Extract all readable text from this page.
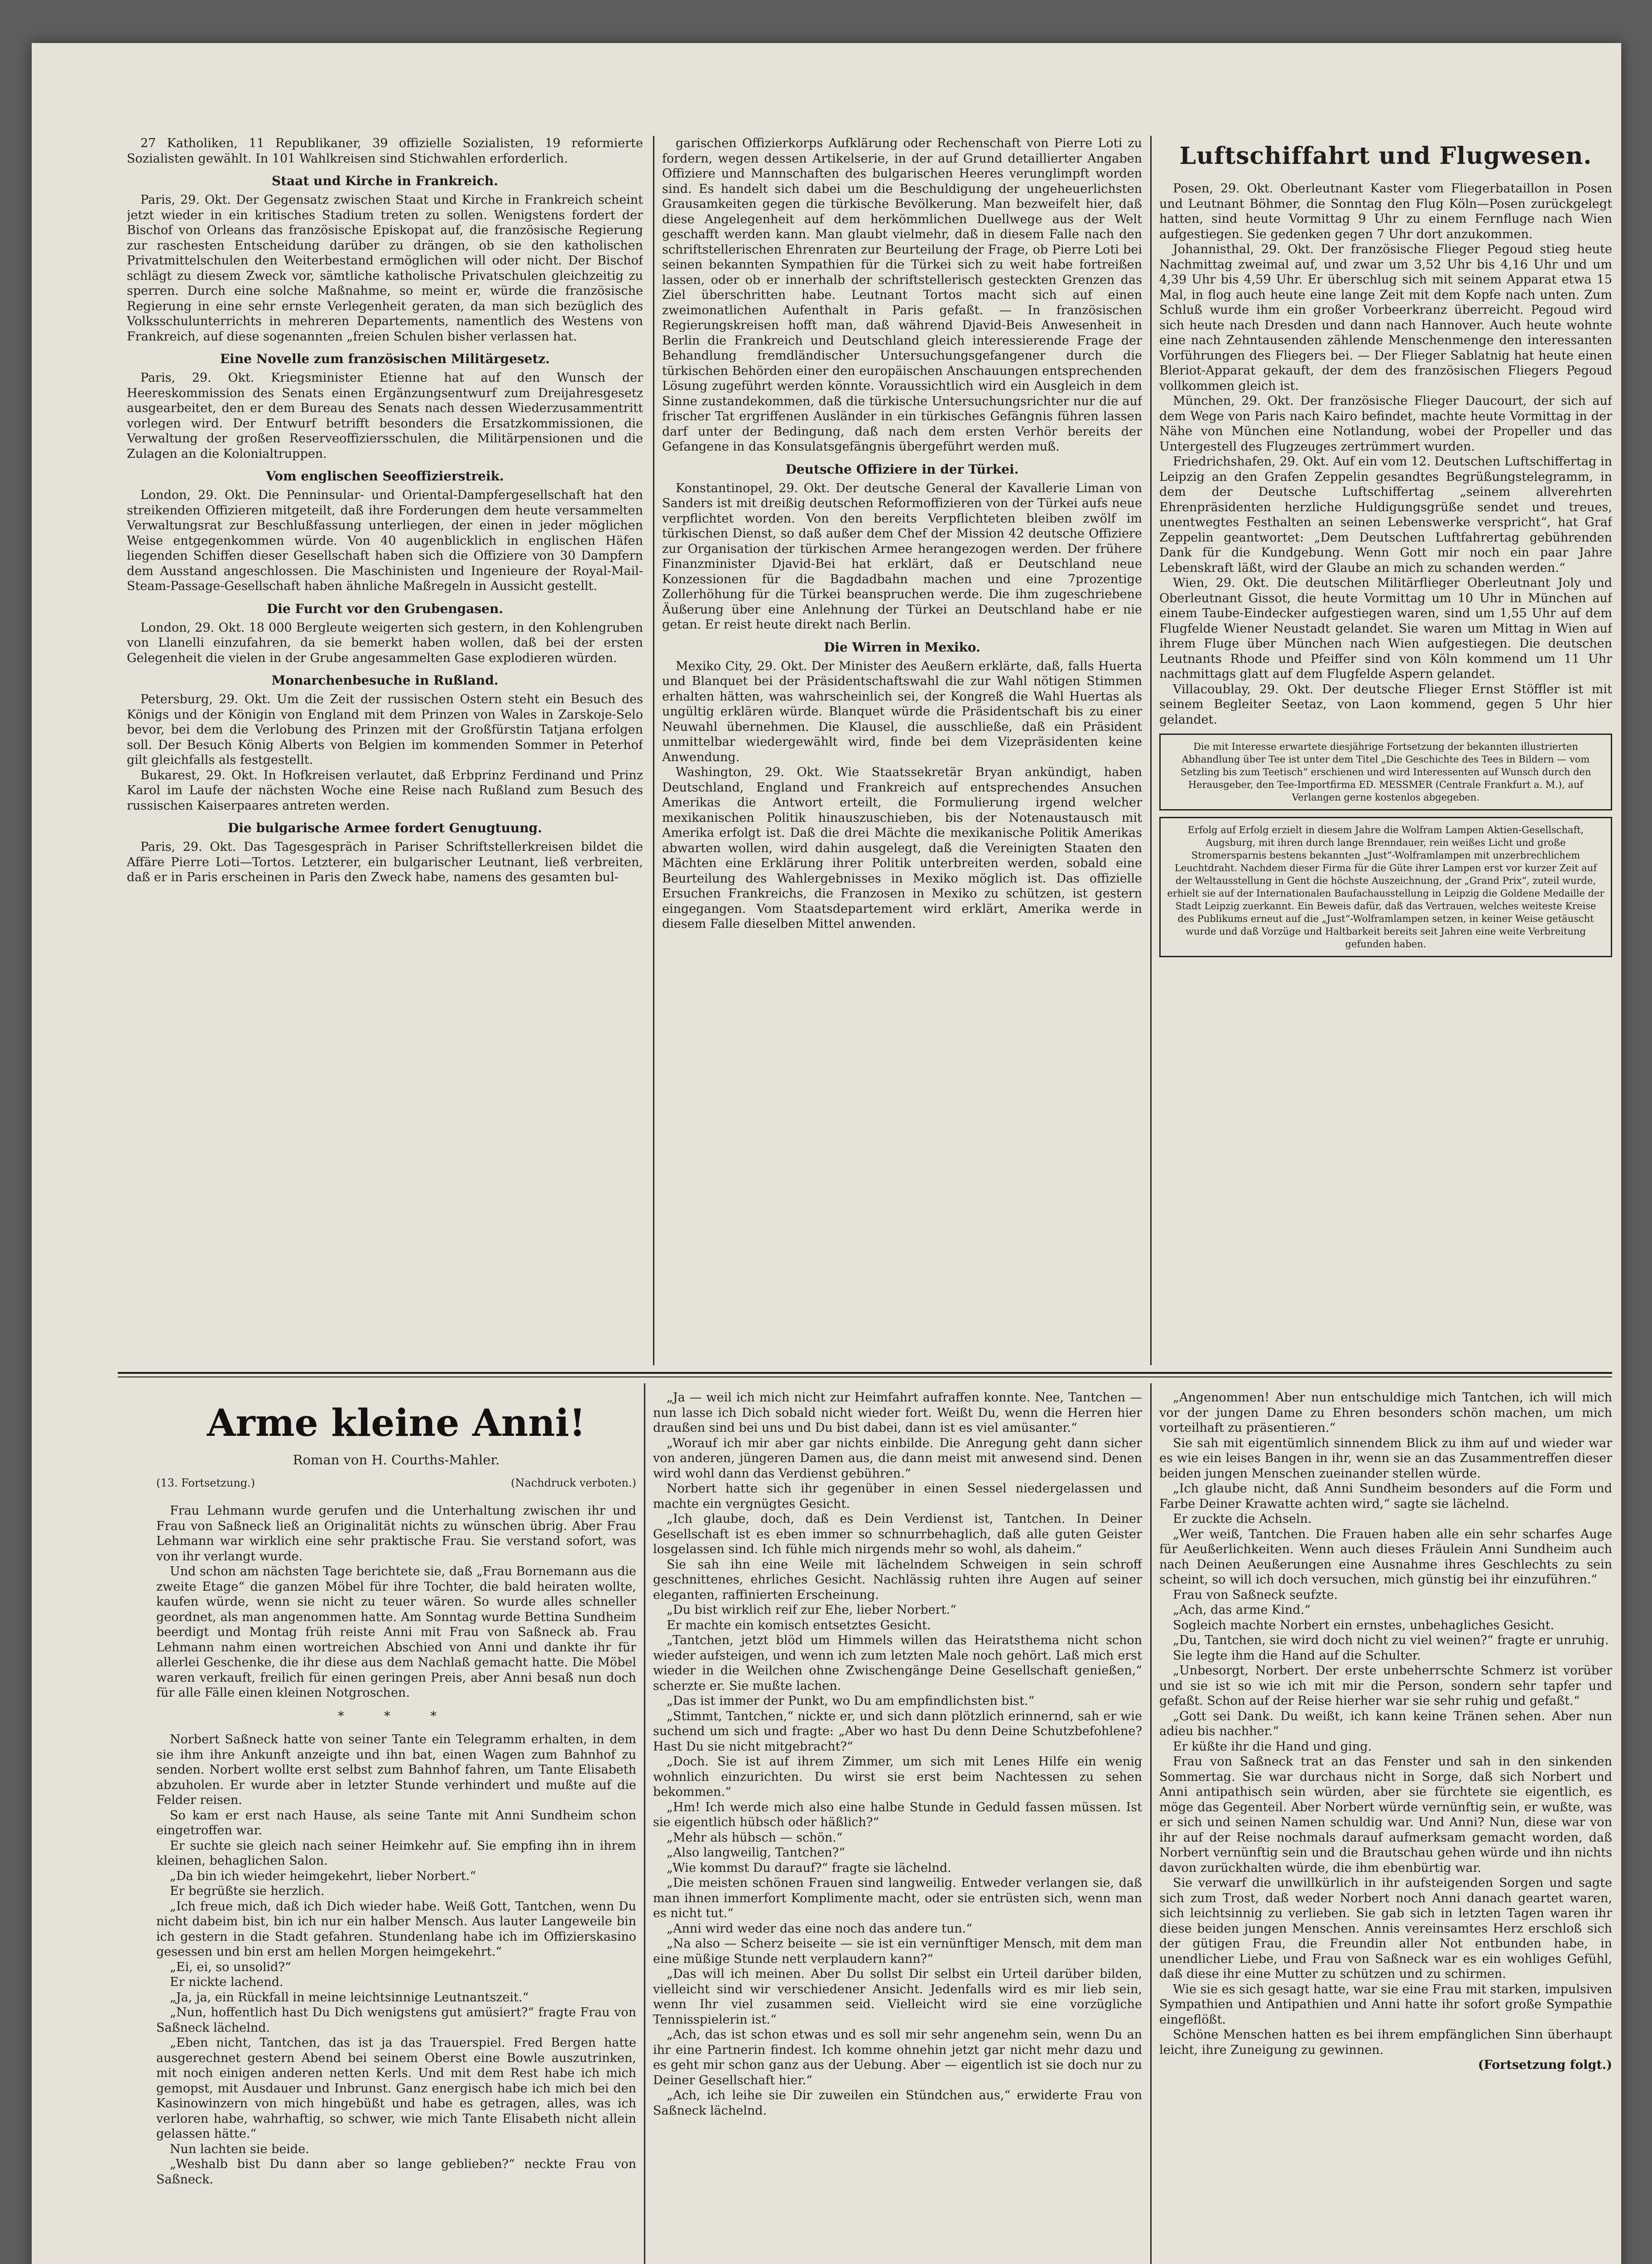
27 Katholiken, 11 Republikaner, 39 offizielle Sozialisten, 19 reformierte Sozialisten gewählt. In 101 Wahlkreisen sind Stichwahlen erforderlich.

Staat und Kirche in Frankreich.

Paris, 29. Okt. Der Gegensatz zwischen Staat und Kirche in Frankreich scheint jetzt wieder in ein kritisches Stadium treten zu sollen. Wenigstens fordert der Bischof von Orleans das französische Episkopat auf, die französische Regierung zur raschesten Entscheidung darüber zu drängen, ob sie den katholischen Privatmittelschulen den Weiterbestand ermöglichen will oder nicht. Der Bischof schlägt zu diesem Zweck vor, sämtliche katholische Privatschulen gleichzeitig zu sperren. Durch eine solche Maßnahme, so meint er, würde die französische Regierung in eine sehr ernste Verlegenheit geraten, da man sich bezüglich des Volksschulunterrichts in mehreren Departements, namentlich des Westens von Frankreich, auf diese sogenannten „freien Schulen bisher verlassen hat.

Eine Novelle zum französischen Militärgesetz.

Paris, 29. Okt. Kriegsminister Etienne hat auf den Wunsch der Heereskommission des Senats einen Ergänzungsentwurf zum Dreijahresgesetz ausgearbeitet, den er dem Bureau des Senats nach dessen Wiederzusammentritt vorlegen wird. Der Entwurf betrifft besonders die Ersatzkommissionen, die Verwaltung der großen Reserveoffiziersschulen, die Militärpensionen und die Zulagen an die Kolonialtruppen.

Vom englischen Seeoffizierstreik.

London, 29. Okt. Die Penninsular- und Oriental-Dampfergesellschaft hat den streikenden Offizieren mitgeteilt, daß ihre Forderungen dem heute versammelten Verwaltungsrat zur Beschlußfassung unterliegen, der einen in jeder möglichen Weise entgegenkommen würde. Von 40 augenblicklich in englischen Häfen liegenden Schiffen dieser Gesellschaft haben sich die Offiziere von 30 Dampfern dem Ausstand angeschlossen. Die Maschinisten und Ingenieure der Royal-Mail-Steam-Passage-Gesellschaft haben ähnliche Maßregeln in Aussicht gestellt.

Die Furcht vor den Grubengasen.

London, 29. Okt. 18 000 Bergleute weigerten sich gestern, in den Kohlengruben von Llanelli einzufahren, da sie bemerkt haben wollen, daß bei der ersten Gelegenheit die vielen in der Grube angesammelten Gase explodieren würden.

Monarchenbesuche in Rußland.

Petersburg, 29. Okt. Um die Zeit der russischen Ostern steht ein Besuch des Königs und der Königin von England mit dem Prinzen von Wales in Zarskoje-Selo bevor, bei dem die Verlobung des Prinzen mit der Großfürstin Tatjana erfolgen soll. Der Besuch König Alberts von Belgien im kommenden Sommer in Peterhof gilt gleichfalls als festgestellt.

Bukarest, 29. Okt. In Hofkreisen verlautet, daß Erbprinz Ferdinand und Prinz Karol im Laufe der nächsten Woche eine Reise nach Rußland zum Besuch des russischen Kaiserpaares antreten werden.

Die bulgarische Armee fordert Genugtuung.

Paris, 29. Okt. Das Tagesgespräch in Pariser Schriftstellerkreisen bildet die Affäre Pierre Loti—Tortos. Letzterer, ein bulgarischer Leutnant, ließ verbreiten, daß er in Paris erscheinen in Paris den Zweck habe, namens des gesamten bul-

garischen Offizierkorps Aufklärung oder Rechenschaft von Pierre Loti zu fordern, wegen dessen Artikelserie, in der auf Grund detaillierter Angaben Offiziere und Mannschaften des bulgarischen Heeres verunglimpft worden sind. Es handelt sich dabei um die Beschuldigung der ungeheuerlichsten Grausamkeiten gegen die türkische Bevölkerung. Man bezweifelt hier, daß diese Angelegenheit auf dem herkömmlichen Duellwege aus der Welt geschafft werden kann. Man glaubt vielmehr, daß in diesem Falle nach den schriftstellerischen Ehrenraten zur Beurteilung der Frage, ob Pierre Loti bei seinen bekannten Sympathien für die Türkei sich zu weit habe fortreißen lassen, oder ob er innerhalb der schriftstellerisch gesteckten Grenzen das Ziel überschritten habe. Leutnant Tortos macht sich auf einen zweimonatlichen Aufenthalt in Paris gefaßt. — In französischen Regierungskreisen hofft man, daß während Djavid-Beis Anwesenheit in Berlin die Frankreich und Deutschland gleich interessierende Frage der Behandlung fremdländischer Untersuchungsgefangener durch die türkischen Behörden einer den europäischen Anschauungen entsprechenden Lösung zugeführt werden könnte. Voraussichtlich wird ein Ausgleich in dem Sinne zustandekommen, daß die türkische Untersuchungsrichter nur die auf frischer Tat ergriffenen Ausländer in ein türkisches Gefängnis führen lassen darf unter der Bedingung, daß nach dem ersten Verhör bereits der Gefangene in das Konsulatsgefängnis übergeführt werden muß.

Deutsche Offiziere in der Türkei.

Konstantinopel, 29. Okt. Der deutsche General der Kavallerie Liman von Sanders ist mit dreißig deutschen Reformoffizieren von der Türkei aufs neue verpflichtet worden. Von den bereits Verpflichteten bleiben zwölf im türkischen Dienst, so daß außer dem Chef der Mission 42 deutsche Offiziere zur Organisation der türkischen Armee herangezogen werden. Der frühere Finanzminister Djavid-Bei hat erklärt, daß er Deutschland neue Konzessionen für die Bagdadbahn machen und eine 7prozentige Zollerhöhung für die Türkei beanspruchen werde. Die ihm zugeschriebene Äußerung über eine Anlehnung der Türkei an Deutschland habe er nie getan. Er reist heute direkt nach Berlin.

Die Wirren in Mexiko.

Mexiko City, 29. Okt. Der Minister des Aeußern erklärte, daß, falls Huerta und Blanquet bei der Präsidentschaftswahl die zur Wahl nötigen Stimmen erhalten hätten, was wahrscheinlich sei, der Kongreß die Wahl Huertas als ungültig erklären würde. Blanquet würde die Präsidentschaft bis zu einer Neuwahl übernehmen. Die Klausel, die ausschließe, daß ein Präsident unmittelbar wiedergewählt wird, finde bei dem Vizepräsidenten keine Anwendung.

Washington, 29. Okt. Wie Staatssekretär Bryan ankündigt, haben Deutschland, England und Frankreich auf entsprechendes Ansuchen Amerikas die Antwort erteilt, die Formulierung irgend welcher mexikanischen Politik hinauszuschieben, bis der Notenaustausch mit Amerika erfolgt ist. Daß die drei Mächte die mexikanische Politik Amerikas abwarten wollen, wird dahin ausgelegt, daß die Vereinigten Staaten den Mächten eine Erklärung ihrer Politik unterbreiten werden, sobald eine Beurteilung des Wahlergebnisses in Mexiko möglich ist. Das offizielle Ersuchen Frankreichs, die Franzosen in Mexiko zu schützen, ist gestern eingegangen. Vom Staatsdepartement wird erklärt, Amerika werde in diesem Falle dieselben Mittel anwenden.

Luftschiffahrt und Flugwesen.

Posen, 29. Okt. Oberleutnant Kaster vom Fliegerbataillon in Posen und Leutnant Böhmer, die Sonntag den Flug Köln—Posen zurückgelegt hatten, sind heute Vormittag 9 Uhr zu einem Fernfluge nach Wien aufgestiegen. Sie gedenken gegen 7 Uhr dort anzukommen.

Johannisthal, 29. Okt. Der französische Flieger Pegoud stieg heute Nachmittag zweimal auf, und zwar um 3,52 Uhr bis 4,16 Uhr und um 4,39 Uhr bis 4,59 Uhr. Er überschlug sich mit seinem Apparat etwa 15 Mal, in flog auch heute eine lange Zeit mit dem Kopfe nach unten. Zum Schluß wurde ihm ein großer Vorbeerkranz überreicht. Pegoud wird sich heute nach Dresden und dann nach Hannover. Auch heute wohnte eine nach Zehntausenden zählende Menschenmenge den interessanten Vorführungen des Fliegers bei. — Der Flieger Sablatnig hat heute einen Bleriot-Apparat gekauft, der dem des französischen Fliegers Pegoud vollkommen gleich ist.

München, 29. Okt. Der französische Flieger Daucourt, der sich auf dem Wege von Paris nach Kairo befindet, machte heute Vormittag in der Nähe von München eine Notlandung, wobei der Propeller und das Untergestell des Flugzeuges zertrümmert wurden.

Friedrichshafen, 29. Okt. Auf ein vom 12. Deutschen Luftschiffertag in Leipzig an den Grafen Zeppelin gesandtes Begrüßungstelegramm, in dem der Deutsche Luftschiffertag „seinem allverehrten Ehrenpräsidenten herzliche Huldigungsgrüße sendet und treues, unentwegtes Festhalten an seinen Lebenswerke verspricht“, hat Graf Zeppelin geantwortet: „Dem Deutschen Luftfahrertag gebührenden Dank für die Kundgebung. Wenn Gott mir noch ein paar Jahre Lebenskraft läßt, wird der Glaube an mich zu schanden werden.“

Wien, 29. Okt. Die deutschen Militärflieger Oberleutnant Joly und Oberleutnant Gissot, die heute Vormittag um 10 Uhr in München auf einem Taube-Eindecker aufgestiegen waren, sind um 1,55 Uhr auf dem Flugfelde Wiener Neustadt gelandet. Sie waren um Mittag in Wien auf ihrem Fluge über München nach Wien aufgestiegen. Die deutschen Leutnants Rhode und Pfeiffer sind von Köln kommend um 11 Uhr nachmittags glatt auf dem Flugfelde Aspern gelandet.

Villacoublay, 29. Okt. Der deutsche Flieger Ernst Stöffler ist mit seinem Begleiter Seetaz, von Laon kommend, gegen 5 Uhr hier gelandet.

Die mit Interesse erwartete diesjährige Fortsetzung der bekannten illustrierten Abhandlung über Tee ist unter dem Titel „Die Geschichte des Tees in Bildern — vom Setzling bis zum Teetisch“ erschienen und wird Interessenten auf Wunsch durch den Herausgeber, den Tee-Importfirma ED. MESSMER (Centrale Frankfurt a. M.), auf Verlangen gerne kostenlos abgegeben.

Erfolg auf Erfolg erzielt in diesem Jahre die Wolfram Lampen Aktien-Gesellschaft, Augsburg, mit ihren durch lange Brenndauer, rein weißes Licht und große Stromersparnis bestens bekannten „Just“-Wolframlampen mit unzerbrechlichem Leuchtdraht. Nachdem dieser Firma für die Güte ihrer Lampen erst vor kurzer Zeit auf der Weltausstellung in Gent die höchste Auszeichnung, der „Grand Prix“, zuteil wurde, erhielt sie auf der Internationalen Baufachausstellung in Leipzig die Goldene Medaille der Stadt Leipzig zuerkannt. Ein Beweis dafür, daß das Vertrauen, welches weiteste Kreise des Publikums erneut auf die „Just“-Wolframlampen setzen, in keiner Weise getäuscht wurde und daß Vorzüge und Haltbarkeit bereits seit Jahren eine weite Verbreitung gefunden haben.

Arme kleine Anni!

Roman von H. Courths-Mahler.

(13. Fortsetzung.)	(Nachdruck verboten.)

Frau Lehmann wurde gerufen und die Unterhaltung zwischen ihr und Frau von Saßneck ließ an Originalität nichts zu wünschen übrig. Aber Frau Lehmann war wirklich eine sehr praktische Frau. Sie verstand sofort, was von ihr verlangt wurde.

Und schon am nächsten Tage berichtete sie, daß „Frau Bornemann aus die zweite Etage“ die ganzen Möbel für ihre Tochter, die bald heiraten wollte, kaufen würde, wenn sie nicht zu teuer wären. So wurde alles schneller geordnet, als man angenommen hatte. Am Sonntag wurde Bettina Sundheim beerdigt und Montag früh reiste Anni mit Frau von Saßneck ab. Frau Lehmann nahm einen wortreichen Abschied von Anni und dankte ihr für allerlei Geschenke, die ihr diese aus dem Nachlaß gemacht hatte. Die Möbel waren verkauft, freilich für einen geringen Preis, aber Anni besaß nun doch für alle Fälle einen kleinen Notgroschen.

* * *

Norbert Saßneck hatte von seiner Tante ein Telegramm erhalten, in dem sie ihm ihre Ankunft anzeigte und ihn bat, einen Wagen zum Bahnhof zu senden. Norbert wollte erst selbst zum Bahnhof fahren, um Tante Elisabeth abzuholen. Er wurde aber in letzter Stunde verhindert und mußte auf die Felder reisen.

So kam er erst nach Hause, als seine Tante mit Anni Sundheim schon eingetroffen war.

Er suchte sie gleich nach seiner Heimkehr auf. Sie empfing ihn in ihrem kleinen, behaglichen Salon.

„Da bin ich wieder heimgekehrt, lieber Norbert.“

Er begrüßte sie herzlich.

„Ich freue mich, daß ich Dich wieder habe. Weiß Gott, Tantchen, wenn Du nicht dabeim bist, bin ich nur ein halber Mensch. Aus lauter Langeweile bin ich gestern in die Stadt gefahren. Stundenlang habe ich im Offizierskasino gesessen und bin erst am hellen Morgen heimgekehrt.“

„Ei, ei, so unsolid?“

Er nickte lachend.

„Ja, ja, ein Rückfall in meine leichtsinnige Leutnantszeit.“

„Nun, hoffentlich hast Du Dich wenigstens gut amüsiert?“ fragte Frau von Saßneck lächelnd.

„Eben nicht, Tantchen, das ist ja das Trauerspiel. Fred Bergen hatte ausgerechnet gestern Abend bei seinem Oberst eine Bowle auszutrinken, mit noch einigen anderen netten Kerls. Und mit dem Rest habe ich mich gemopst, mit Ausdauer und Inbrunst. Ganz energisch habe ich mich bei den Kasinowinzern von mich hingebüßt und habe es getragen, alles, was ich verloren habe, wahrhaftig, so schwer, wie mich Tante Elisabeth nicht allein gelassen hätte.“

Nun lachten sie beide.

„Weshalb bist Du dann aber so lange geblieben?“ neckte Frau von Saßneck.

„Ja — weil ich mich nicht zur Heimfahrt aufraffen konnte. Nee, Tantchen — nun lasse ich Dich sobald nicht wieder fort. Weißt Du, wenn die Herren hier draußen sind bei uns und Du bist dabei, dann ist es viel amüsanter.“

„Worauf ich mir aber gar nichts einbilde. Die Anregung geht dann sicher von anderen, jüngeren Damen aus, die dann meist mit anwesend sind. Denen wird wohl dann das Verdienst gebühren.“

Norbert hatte sich ihr gegenüber in einen Sessel niedergelassen und machte ein vergnügtes Gesicht.

„Ich glaube, doch, daß es Dein Verdienst ist, Tantchen. In Deiner Gesellschaft ist es eben immer so schnurrbehaglich, daß alle guten Geister losgelassen sind. Ich fühle mich nirgends mehr so wohl, als daheim.“

Sie sah ihn eine Weile mit lächelndem Schweigen in sein schroff geschnittenes, ehrliches Gesicht. Nachlässig ruhten ihre Augen auf seiner eleganten, raffinierten Erscheinung.

„Du bist wirklich reif zur Ehe, lieber Norbert.“

Er machte ein komisch entsetztes Gesicht.

„Tantchen, jetzt blöd um Himmels willen das Heiratsthema nicht schon wieder aufsteigen, und wenn ich zum letzten Male noch gehört. Laß mich erst wieder in die Weilchen ohne Zwischengänge Deine Gesellschaft genießen,“ scherzte er. Sie mußte lachen.

„Das ist immer der Punkt, wo Du am empfindlichsten bist.“

„Stimmt, Tantchen,“ nickte er, und sich dann plötzlich erinnernd, sah er wie suchend um sich und fragte: „Aber wo hast Du denn Deine Schutzbefohlene? Hast Du sie nicht mitgebracht?“

„Doch. Sie ist auf ihrem Zimmer, um sich mit Lenes Hilfe ein wenig wohnlich einzurichten. Du wirst sie erst beim Nachtessen zu sehen bekommen.“

„Hm! Ich werde mich also eine halbe Stunde in Geduld fassen müssen. Ist sie eigentlich hübsch oder häßlich?“

„Mehr als hübsch — schön.“

„Also langweilig, Tantchen?“

„Wie kommst Du darauf?“ fragte sie lächelnd.

„Die meisten schönen Frauen sind langweilig. Entweder verlangen sie, daß man ihnen immerfort Komplimente macht, oder sie entrüsten sich, wenn man es nicht tut.“

„Anni wird weder das eine noch das andere tun.“

„Na also — Scherz beiseite — sie ist ein vernünftiger Mensch, mit dem man eine müßige Stunde nett verplaudern kann?“

„Das will ich meinen. Aber Du sollst Dir selbst ein Urteil darüber bilden, vielleicht sind wir verschiedener Ansicht. Jedenfalls wird es mir lieb sein, wenn Ihr viel zusammen seid. Vielleicht wird sie eine vorzügliche Tennisspielerin ist.“

„Ach, das ist schon etwas und es soll mir sehr angenehm sein, wenn Du an ihr eine Partnerin findest. Ich komme ohnehin jetzt gar nicht mehr dazu und es geht mir schon ganz aus der Uebung. Aber — eigentlich ist sie doch nur zu Deiner Gesellschaft hier.“

„Ach, ich leihe sie Dir zuweilen ein Stündchen aus,“ erwiderte Frau von Saßneck lächelnd.

„Angenommen! Aber nun entschuldige mich Tantchen, ich will mich vor der jungen Dame zu Ehren besonders schön machen, um mich vorteilhaft zu präsentieren.“

Sie sah mit eigentümlich sinnendem Blick zu ihm auf und wieder war es wie ein leises Bangen in ihr, wenn sie an das Zusammentreffen dieser beiden jungen Menschen zueinander stellen würde.

„Ich glaube nicht, daß Anni Sundheim besonders auf die Form und Farbe Deiner Krawatte achten wird,“ sagte sie lächelnd.

Er zuckte die Achseln.

„Wer weiß, Tantchen. Die Frauen haben alle ein sehr scharfes Auge für Aeußerlichkeiten. Wenn auch dieses Fräulein Anni Sundheim auch nach Deinen Aeußerungen eine Ausnahme ihres Geschlechts zu sein scheint, so will ich doch versuchen, mich günstig bei ihr einzuführen.“

Frau von Saßneck seufzte.

„Ach, das arme Kind.“

Sogleich machte Norbert ein ernstes, unbehagliches Gesicht.

„Du, Tantchen, sie wird doch nicht zu viel weinen?“ fragte er unruhig.

Sie legte ihm die Hand auf die Schulter.

„Unbesorgt, Norbert. Der erste unbeherrschte Schmerz ist vorüber und sie ist so wie ich mit mir die Person, sondern sehr tapfer und gefaßt. Schon auf der Reise hierher war sie sehr ruhig und gefaßt.“

„Gott sei Dank. Du weißt, ich kann keine Tränen sehen. Aber nun adieu bis nachher.“

Er küßte ihr die Hand und ging.

Frau von Saßneck trat an das Fenster und sah in den sinkenden Sommertag. Sie war durchaus nicht in Sorge, daß sich Norbert und Anni antipathisch sein würden, aber sie fürchtete sie eigentlich, es möge das Gegenteil. Aber Norbert würde vernünftig sein, er wußte, was er sich und seinen Namen schuldig war. Und Anni? Nun, diese war von ihr auf der Reise nochmals darauf aufmerksam gemacht worden, daß Norbert vernünftig sein und die Brautschau gehen würde und ihn nichts davon zurückhalten würde, die ihm ebenbürtig war.

Sie verwarf die unwillkürlich in ihr aufsteigenden Sorgen und sagte sich zum Trost, daß weder Norbert noch Anni danach geartet waren, sich leichtsinnig zu verlieben. Sie gab sich in letzten Tagen waren ihr diese beiden jungen Menschen. Annis vereinsamtes Herz erschloß sich der gütigen Frau, die Freundin aller Not entbunden habe, in unendlicher Liebe, und Frau von Saßneck war es ein wohliges Gefühl, daß diese ihr eine Mutter zu schützen und zu schirmen.

Wie sie es sich gesagt hatte, war sie eine Frau mit starken, impulsiven Sympathien und Antipathien und Anni hatte ihr sofort große Sympathie eingeflößt.

Schöne Menschen hatten es bei ihrem empfänglichen Sinn überhaupt leicht, ihre Zuneigung zu gewinnen.

(Fortsetzung folgt.)
